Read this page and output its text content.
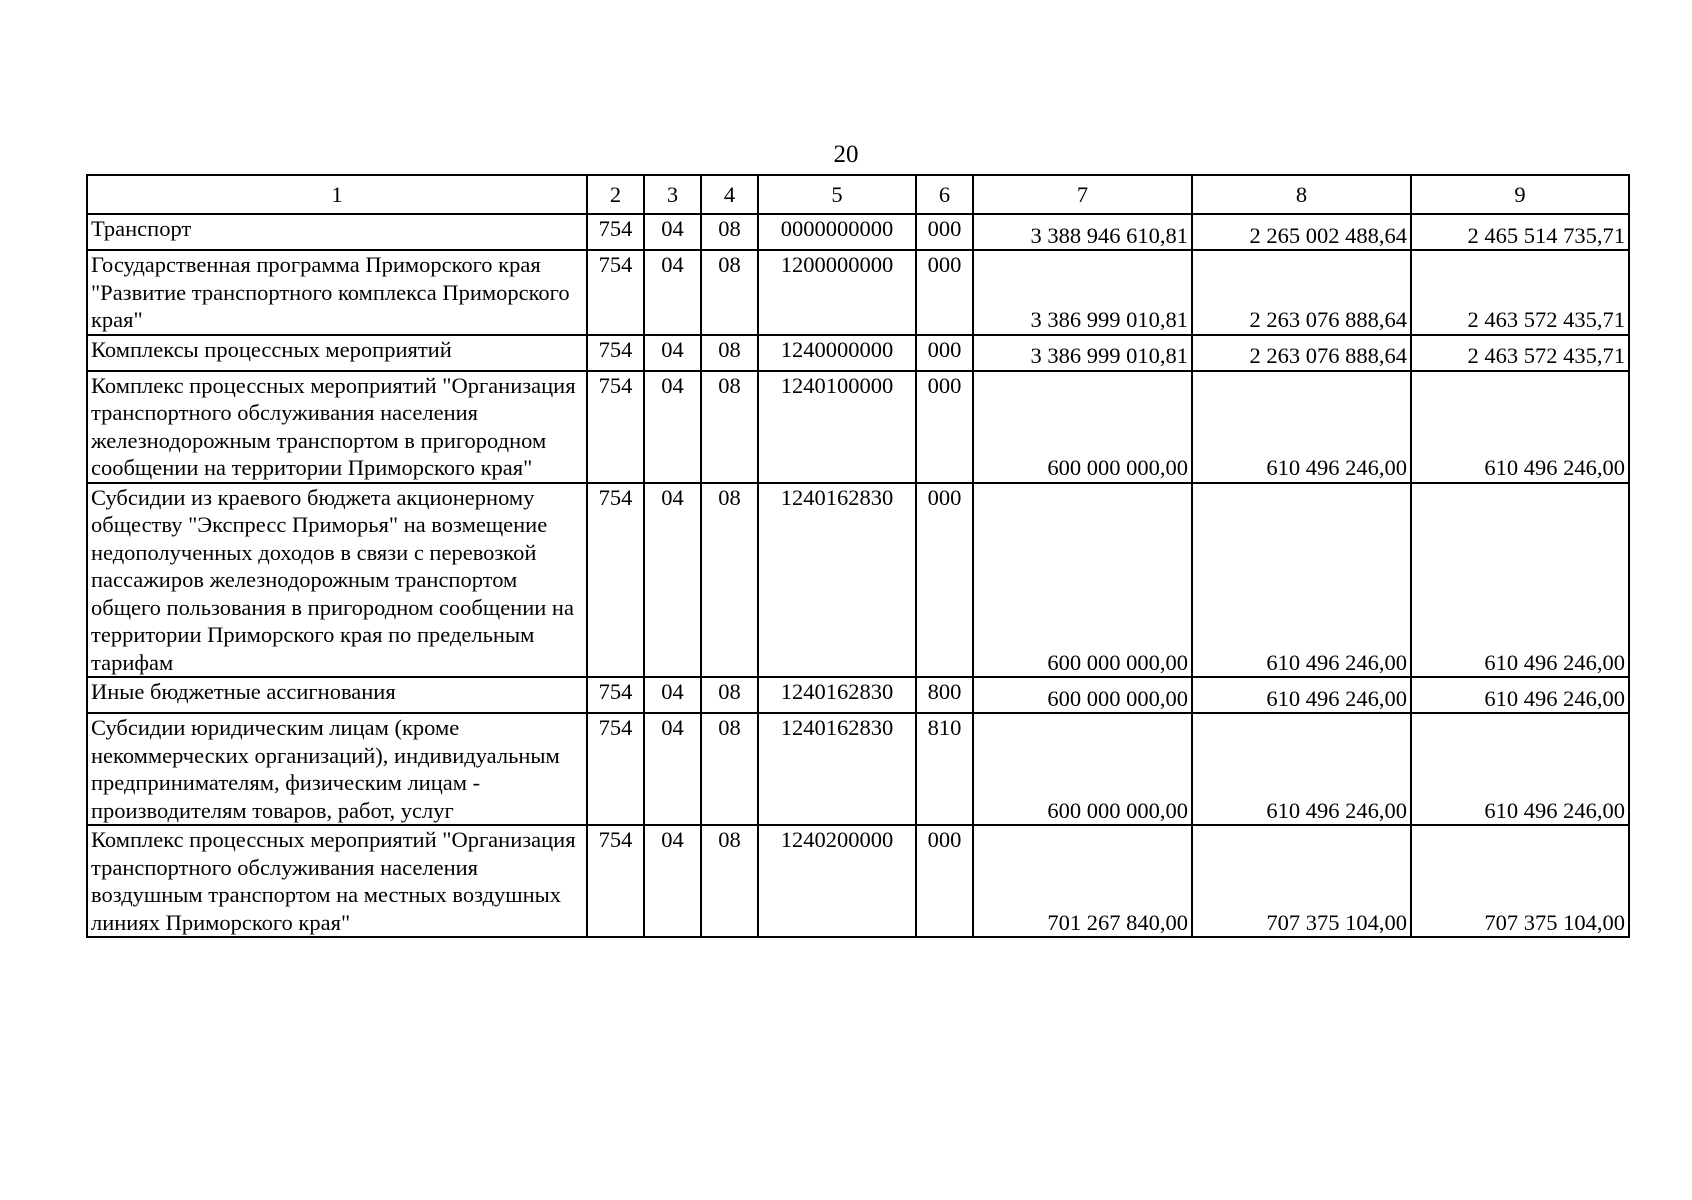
20
1	2	3	4	5	6	7	8	9
Транспорт	754	04	08	0000000000	000	3 388 946 610,81	2 265 002 488,64	2 465 514 735,71
Государственная программа Приморского края "Развитие транспортного комплекса Приморского края"	754	04	08	1200000000	000	3 386 999 010,81	2 263 076 888,64	2 463 572 435,71
Комплексы процессных мероприятий	754	04	08	1240000000	000	3 386 999 010,81	2 263 076 888,64	2 463 572 435,71
Комплекс процессных мероприятий "Организация транспортного обслуживания населения железнодорожным транспортом в пригородном сообщении на территории Приморского края"	754	04	08	1240100000	000	600 000 000,00	610 496 246,00	610 496 246,00
Субсидии из краевого бюджета акционерному обществу "Экспресс Приморья" на возмещение недополученных доходов в связи с перевозкой пассажиров железнодорожным транспортом общего пользования в пригородном сообщении на территории Приморского края по предельным тарифам	754	04	08	1240162830	000	600 000 000,00	610 496 246,00	610 496 246,00
Иные бюджетные ассигнования	754	04	08	1240162830	800	600 000 000,00	610 496 246,00	610 496 246,00
Субсидии юридическим лицам (кроме некоммерческих организаций), индивидуальным предпринимателям, физическим лицам - производителям товаров, работ, услуг	754	04	08	1240162830	810	600 000 000,00	610 496 246,00	610 496 246,00
Комплекс процессных мероприятий "Организация транспортного обслуживания населения воздушным транспортом на местных воздушных линиях Приморского края"	754	04	08	1240200000	000	701 267 840,00	707 375 104,00	707 375 104,00
